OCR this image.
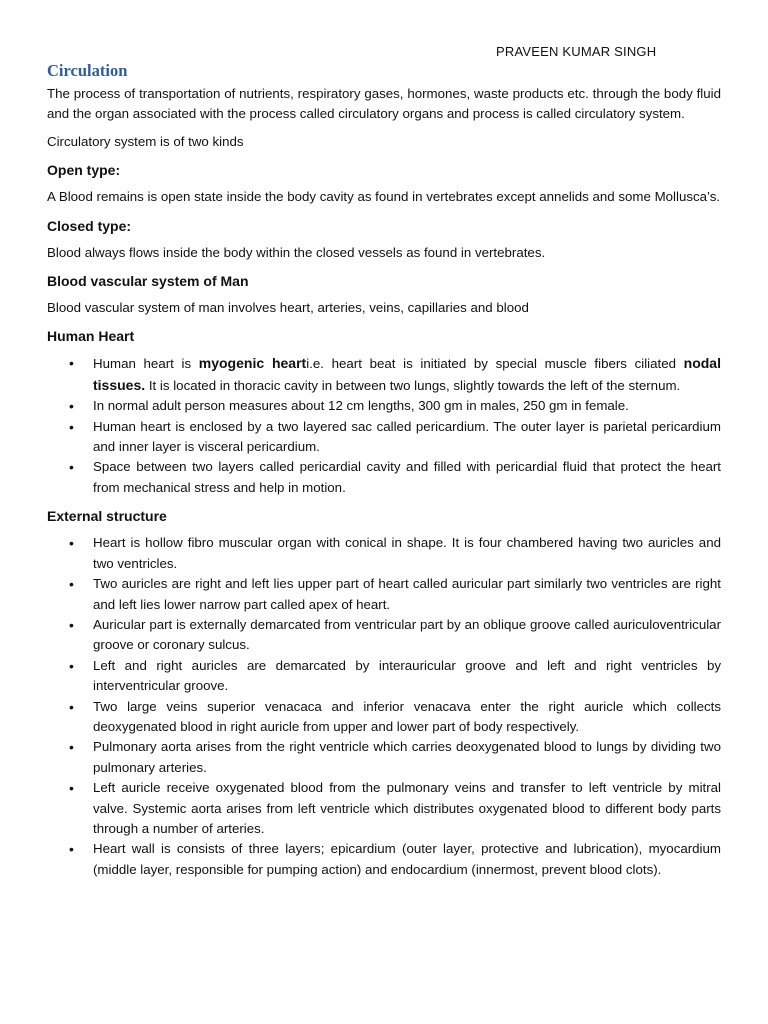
PRAVEEN KUMAR SINGH
Circulation

The process of transportation of nutrients, respiratory gases, hormones, waste products etc. through the body fluid and the organ associated with the process called circulatory organs and process is called circulatory system.

Circulatory system is of two kinds

Open type:

A Blood remains is open state inside the body cavity as found in vertebrates except annelids and some Mollusca’s.

Closed type:

Blood always flows inside the body within the closed vessels as found in vertebrates.

Blood vascular system of Man

Blood vascular system of man involves heart, arteries, veins, capillaries and blood

Human Heart
• Human heart is myogenic hearti.e. heart beat is initiated by special muscle fibers ciliated nodal tissues. It is located in thoracic cavity in between two lungs, slightly towards the left of the sternum.
• In normal adult person measures about 12 cm lengths, 300 gm in males, 250 gm in female.
• Human heart is enclosed by a two layered sac called pericardium. The outer layer is parietal pericardium and inner layer is visceral pericardium.
• Space between two layers called pericardial cavity and filled with pericardial fluid that protect the heart from mechanical stress and help in motion.
External structure
• Heart is hollow fibro muscular organ with conical in shape. It is four chambered having two auricles and two ventricles.
• Two auricles are right and left lies upper part of heart called auricular part similarly two ventricles are right and left lies lower narrow part called apex of heart.
• Auricular part is externally demarcated from ventricular part by an oblique groove called auriculoventricular groove or coronary sulcus.
• Left and right auricles are demarcated by interauricular groove and left and right ventricles by interventricular groove.
• Two large veins superior venacaca and inferior venacava enter the right auricle which collects deoxygenated blood in right auricle from upper and lower part of body respectively.
• Pulmonary aorta arises from the right ventricle which carries deoxygenated blood to lungs by dividing two pulmonary arteries.
• Left auricle receive oxygenated blood from the pulmonary veins and transfer to left ventricle by mitral valve. Systemic aorta arises from left ventricle which distributes oxygenated blood to different body parts through a number of arteries.
• Heart wall is consists of three layers; epicardium (outer layer, protective and lubrication), myocardium (middle layer, responsible for pumping action) and endocardium (innermost, prevent blood clots).
